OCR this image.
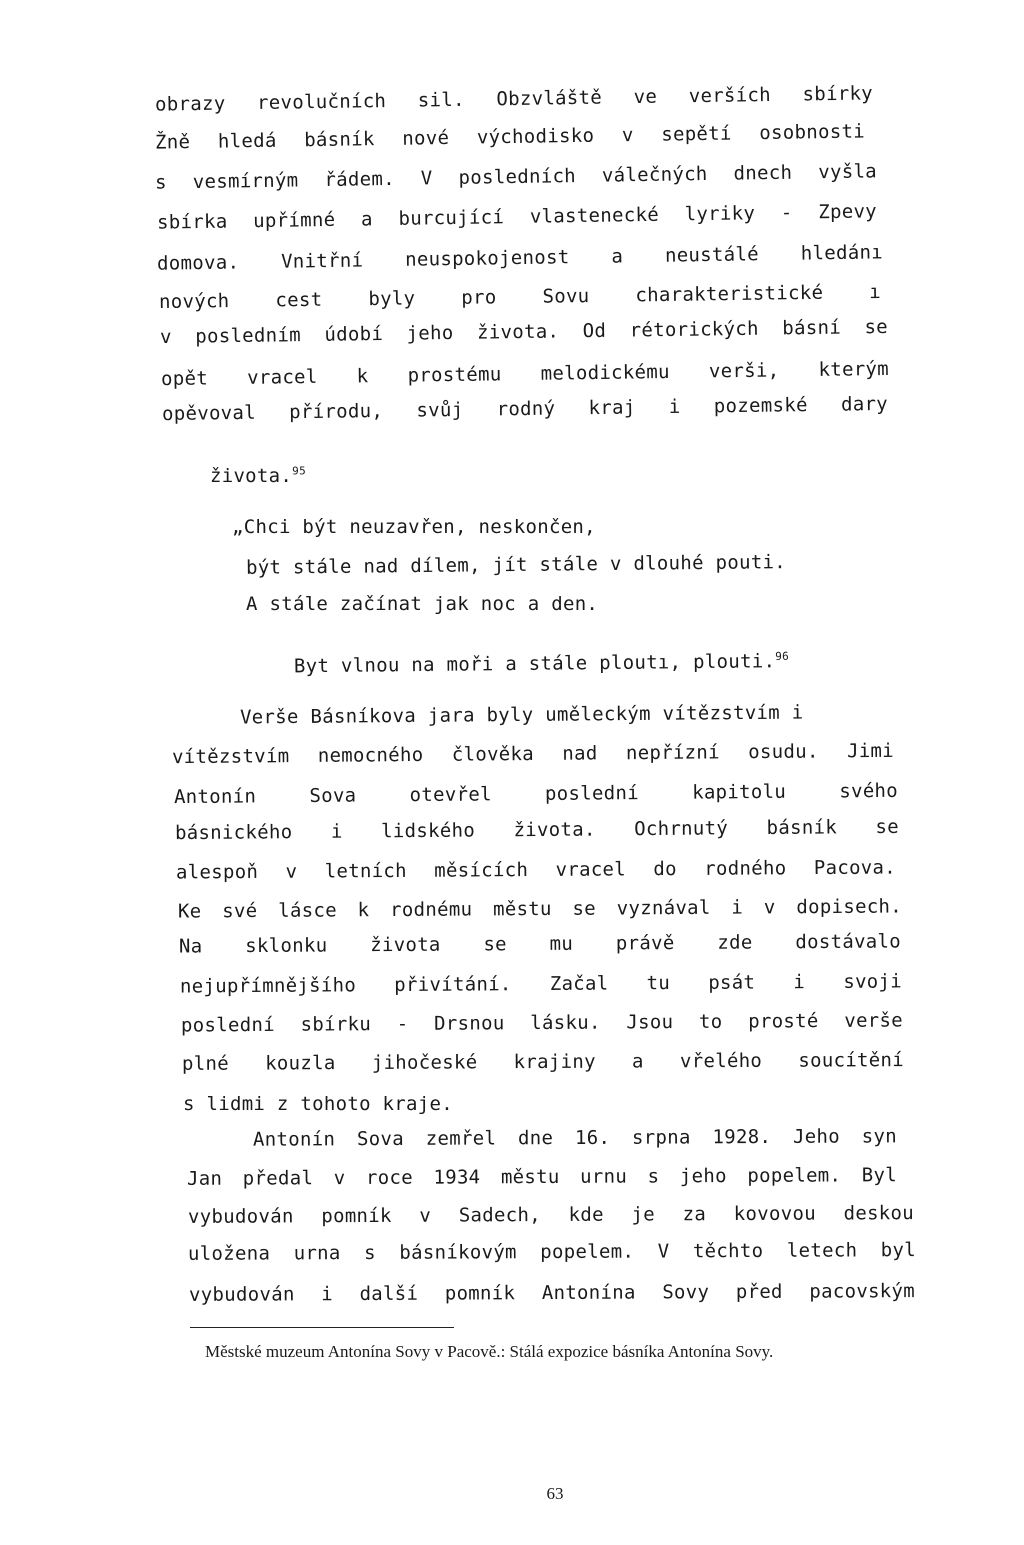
obrazy revolučních sil. Obzvláště ve verších sbírky
Žně hledá básník nové východisko v sepětí osobnosti
s vesmírným řádem. V posledních válečných dnech vyšla
sbírka upřímné a burcující vlastenecké lyriky - Zpevy
domova. Vnitřní neuspokojenost a neustálé hledánı
nových cest byly pro Sovu charakteristické ı
v posledním údobí jeho života. Od rétorických básní se
opět vracel k prostému melodickému verši, kterým
opěvoval přírodu, svůj rodný kraj i pozemské dary

života.$^{95}$

„Chci být neuzavřen, neskončen,
být stále nad dílem, jít stále v dlouhé pouti.
A stále začínat jak noc a den.

Byt vlnou na moři a stále ploutı, plouti.$^{96}$

Verše Básníkova jara byly uměleckým vítězstvím i
vítězstvím nemocného člověka nad nepřízní osudu. Jimi
Antonín Sova otevřel poslední kapitolu svého
básnického i lidského života. Ochrnutý básník se
alespoň v letních měsících vracel do rodného Pacova.
Ke své lásce k rodnému městu se vyznával i v dopisech.
Na sklonku života se mu právě zde dostávalo
nejupřímnějšího přivítání. Začal tu psát i svoji
poslední sbírku - Drsnou lásku. Jsou to prosté verše
plné kouzla jihočeské krajiny a vřelého soucítění
s lidmi z tohoto kraje.
Antonín Sova zemřel dne 16. srpna 1928. Jeho syn
Jan předal v roce 1934 městu urnu s jeho popelem. Byl
vybudován pomník v Sadech, kde je za kovovou deskou
uložena urna s básníkovým popelem. V těchto letech byl
vybudován i další pomník Antonína Sovy před pacovským
Městské muzeum Antonína Sovy v Pacově.: Stálá expozice básníka Antonína Sovy.
63
